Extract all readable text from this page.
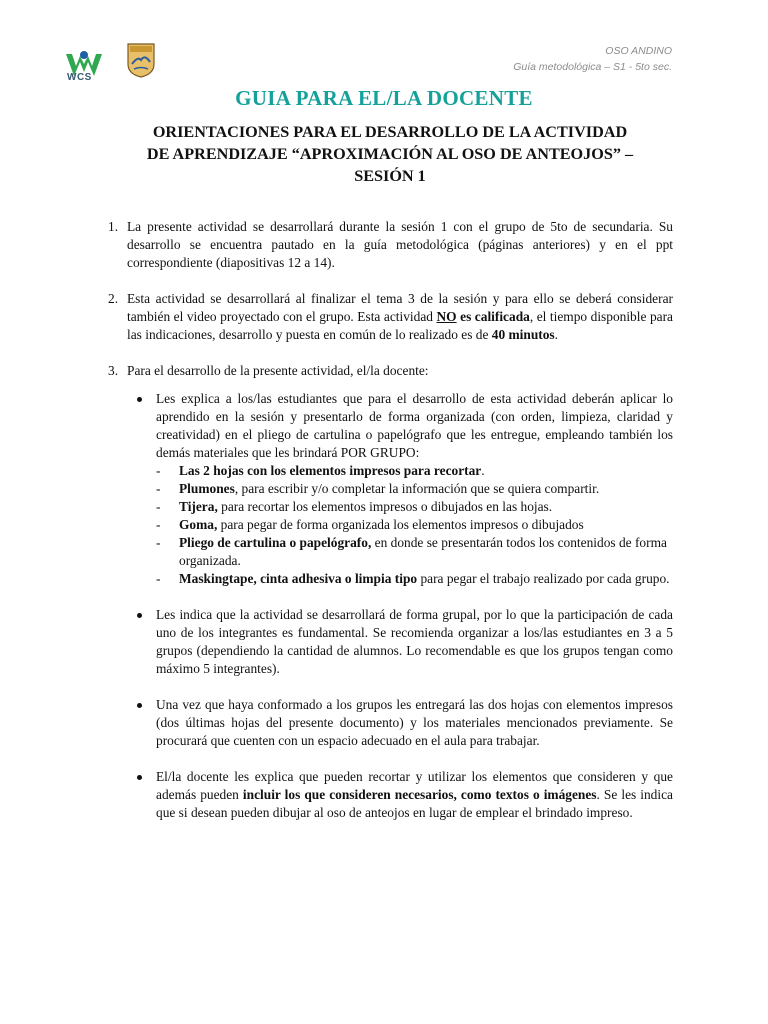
WCS
OSO ANDINO
Guía metodológica – S1 - 5to sec.
GUIA PARA EL/LA DOCENTE
ORIENTACIONES PARA EL DESARROLLO DE LA ACTIVIDAD
DE APRENDIZAJE “APROXIMACIÓN AL OSO DE ANTEOJOS” –
SESIÓN 1
1. La presente actividad se desarrollará durante la sesión 1 con el grupo de 5to de secundaria. Su desarrollo se encuentra pautado en la guía metodológica (páginas anteriores) y en el ppt correspondiente (diapositivas 12 a 14).
2. Esta actividad se desarrollará al finalizar el tema 3 de la sesión y para ello se deberá considerar también el video proyectado con el grupo. Esta actividad NO es calificada, el tiempo disponible para las indicaciones, desarrollo y puesta en común de lo realizado es de 40 minutos.
3. Para el desarrollo de la presente actividad, el/la docente:
Les explica a los/las estudiantes que para el desarrollo de esta actividad deberán aplicar lo aprendido en la sesión y presentarlo de forma organizada (con orden, limpieza, claridad y creatividad) en el pliego de cartulina o papelógrafo que les entregue, empleando también los demás materiales que les brindará POR GRUPO:
- Las 2 hojas con los elementos impresos para recortar.
- Plumones, para escribir y/o completar la información que se quiera compartir.
- Tijera, para recortar los elementos impresos o dibujados en las hojas.
- Goma, para pegar de forma organizada los elementos impresos o dibujados
- Pliego de cartulina o papelógrafo, en donde se presentarán todos los contenidos de forma organizada.
- Maskingtape, cinta adhesiva o limpia tipo para pegar el trabajo realizado por cada grupo.
Les indica que la actividad se desarrollará de forma grupal, por lo que la participación de cada uno de los integrantes es fundamental. Se recomienda organizar a los/las estudiantes en 3 a 5 grupos (dependiendo la cantidad de alumnos. Lo recomendable es que los grupos tengan como máximo 5 integrantes).
Una vez que haya conformado a los grupos les entregará las dos hojas con elementos impresos (dos últimas hojas del presente documento) y los materiales mencionados previamente. Se procurará que cuenten con un espacio adecuado en el aula para trabajar.
El/la docente les explica que pueden recortar y utilizar los elementos que consideren y que además pueden incluir los que consideren necesarios, como textos o imágenes. Se les indica que si desean pueden dibujar al oso de anteojos en lugar de emplear el brindado impreso.
